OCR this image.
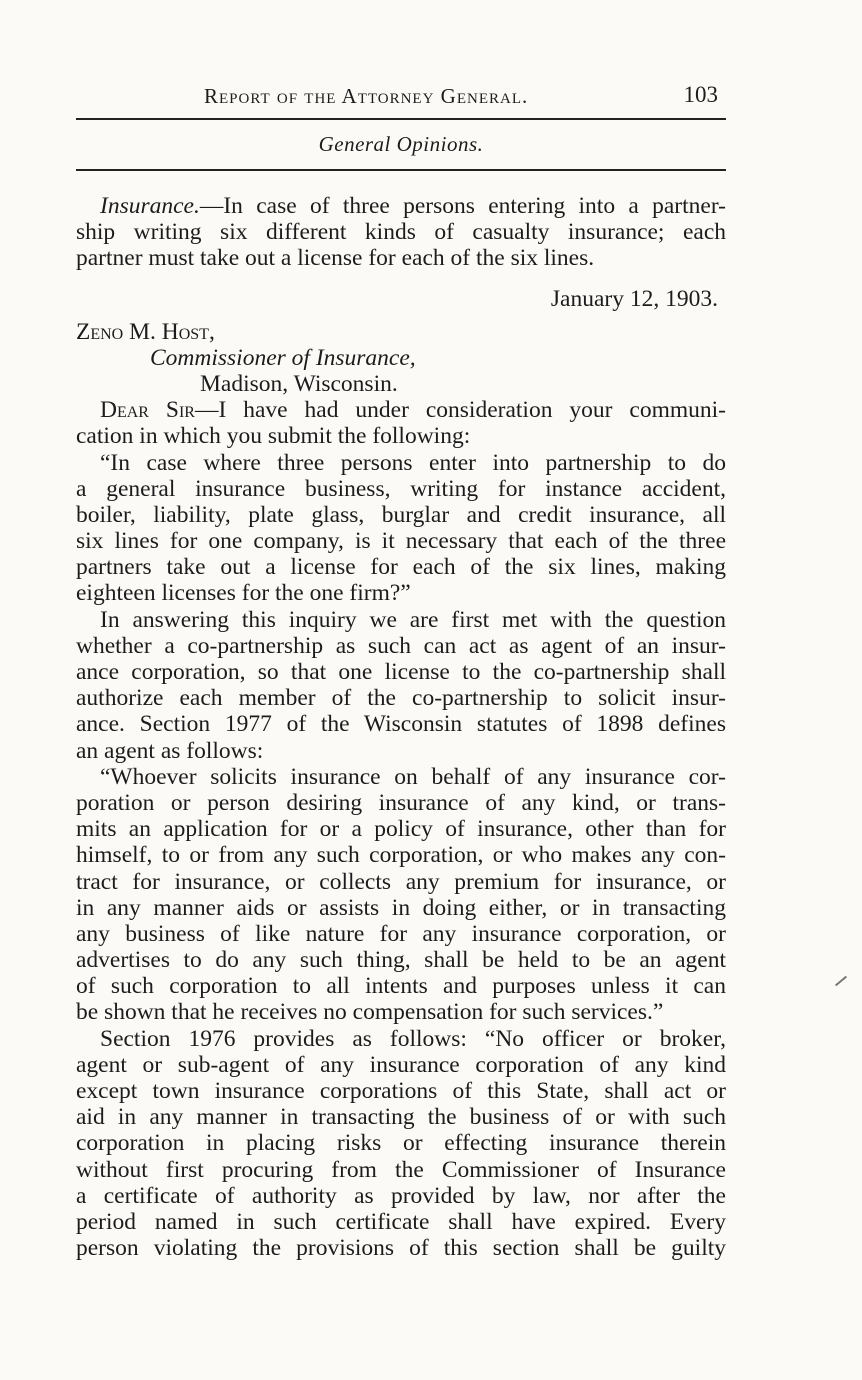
Report of the Attorney General.	103
General Opinions.
Insurance.—In case of three persons entering into a partner-
ship writing six different kinds of casualty insurance; each
partner must take out a license for each of the six lines.
January 12, 1903.
Zeno M. Host,
Commissioner of Insurance,
Madison, Wisconsin.
Dear Sir—I have had under consideration your communi-
cation in which you submit the following:
“In case where three persons enter into partnership to do
a general insurance business, writing for instance accident,
boiler, liability, plate glass, burglar and credit insurance, all
six lines for one company, is it necessary that each of the three
partners take out a license for each of the six lines, making
eighteen licenses for the one firm?”
In answering this inquiry we are first met with the question
whether a co-partnership as such can act as agent of an insur-
ance corporation, so that one license to the co-partnership shall
authorize each member of the co-partnership to solicit insur-
ance. Section 1977 of the Wisconsin statutes of 1898 defines
an agent as follows:
“Whoever solicits insurance on behalf of any insurance cor-
poration or person desiring insurance of any kind, or trans-
mits an application for or a policy of insurance, other than for
himself, to or from any such corporation, or who makes any con-
tract for insurance, or collects any premium for insurance, or
in any manner aids or assists in doing either, or in transacting
any business of like nature for any insurance corporation, or
advertises to do any such thing, shall be held to be an agent
of such corporation to all intents and purposes unless it can
be shown that he receives no compensation for such services.”
Section 1976 provides as follows: “No officer or broker,
agent or sub-agent of any insurance corporation of any kind
except town insurance corporations of this State, shall act or
aid in any manner in transacting the business of or with such
corporation in placing risks or effecting insurance therein
without first procuring from the Commissioner of Insurance
a certificate of authority as provided by law, nor after the
period named in such certificate shall have expired. Every
person violating the provisions of this section shall be guilty
